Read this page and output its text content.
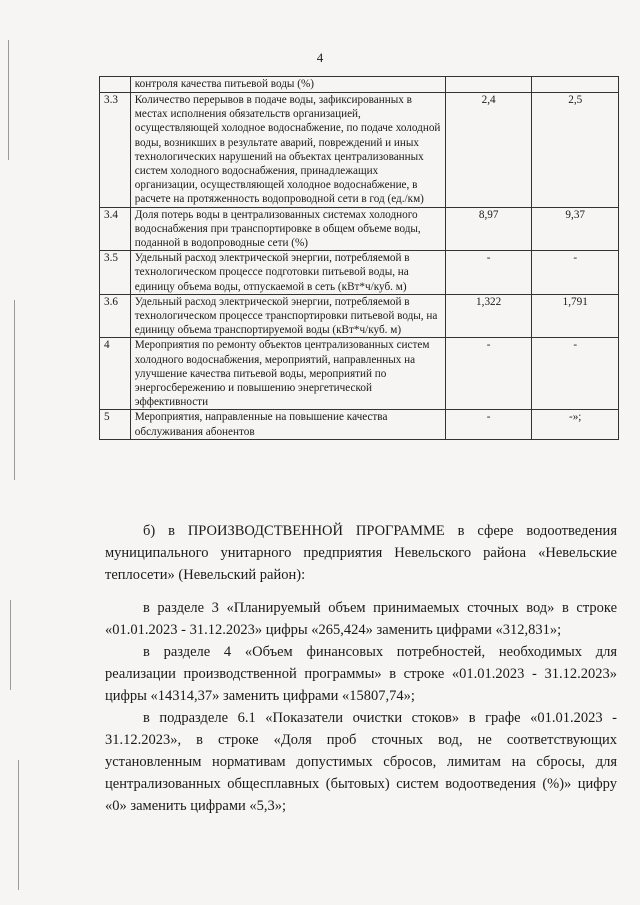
4
	контроля качества питьевой воды (%)		
3.3	Количество перерывов в подаче воды, зафиксированных в местах исполнения обязательств организацией, осуществляющей холодное водоснабжение, по подаче холодной воды, возникших в результате аварий, повреждений и иных технологических нарушений на объектах централизованных систем холодного водоснабжения, принадлежащих организации, осуществляющей холодное водоснабжение, в расчете на протяженность водопроводной сети в год (ед./км)	2,4	2,5
3.4	Доля потерь воды в централизованных системах холодного водоснабжения при транспортировке в общем объеме воды, поданной в водопроводные сети (%)	8,97	9,37
3.5	Удельный расход электрической энергии, потребляемой в технологическом процессе подготовки питьевой воды, на единицу объема воды, отпускаемой в сеть (кВт*ч/куб. м)	-	-
3.6	Удельный расход электрической энергии, потребляемой в технологическом процессе транспортировки питьевой воды, на единицу объема транспортируемой воды (кВт*ч/куб. м)	1,322	1,791
4	Мероприятия по ремонту объектов централизованных систем холодного водоснабжения, мероприятий, направленных на улучшение качества питьевой воды, мероприятий по энергосбережению и повышению энергетической эффективности	-	-
5	Мероприятия, направленные на повышение качества обслуживания абонентов	-	-»;

б) в ПРОИЗВОДСТВЕННОЙ ПРОГРАММЕ в сфере водоотведения муниципального унитарного предприятия Невельского района «Невельские теплосети» (Невельский район):

в разделе 3 «Планируемый объем принимаемых сточных вод» в строке «01.01.2023 - 31.12.2023» цифры «265,424» заменить цифрами «312,831»;

в разделе 4 «Объем финансовых потребностей, необходимых для реализации производственной программы» в строке «01.01.2023 - 31.12.2023» цифры «14314,37» заменить цифрами «15807,74»;

в подразделе 6.1 «Показатели очистки стоков» в графе «01.01.2023 - 31.12.2023», в строке «Доля проб сточных вод, не соответствующих установленным нормативам допустимых сбросов, лимитам на сбросы, для централизованных общесплавных (бытовых) систем водоотведения (%)» цифру «0» заменить цифрами «5,3»;
